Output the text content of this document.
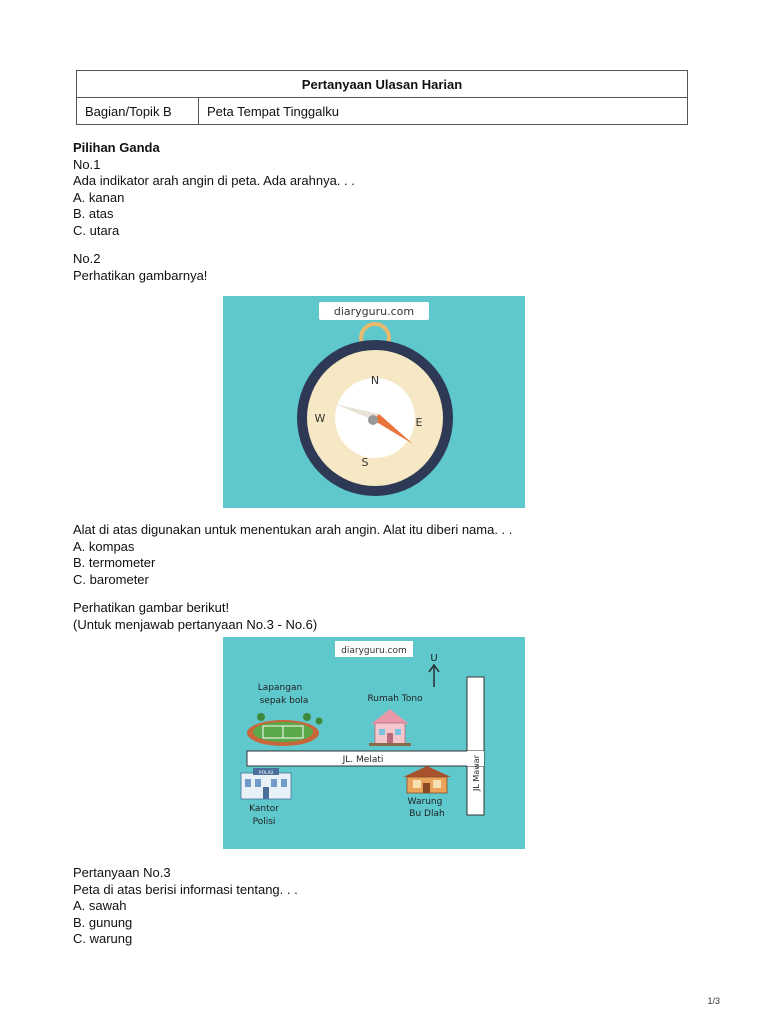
Pertanyaan Ulasan Harian
Bagian/Topik B	Peta Tempat Tinggalku
Pilihan Ganda
No.1
Ada indikator arah angin di peta. Ada arahnya. . .
A. kanan
B. atas
C. utara
No.2
Perhatikan gambarnya!
diaryguru.com
N
E
S
W
Alat di atas digunakan untuk menentukan arah angin. Alat itu diberi nama. . .
A. kompas
B. termometer
C. barometer
Perhatikan gambar berikut!
(Untuk menjawab pertanyaan No.3 - No.6)
diaryguru.com
U
JL. Melati	JL Mawar
Lapangan
sepak bola	Rumah Tono
POLISI
Kantor
Polisi
Warung
Bu Dlah
Pertanyaan No.3
Peta di atas berisi informasi tentang. . .
A. sawah
B. gunung
C. warung
1/3
